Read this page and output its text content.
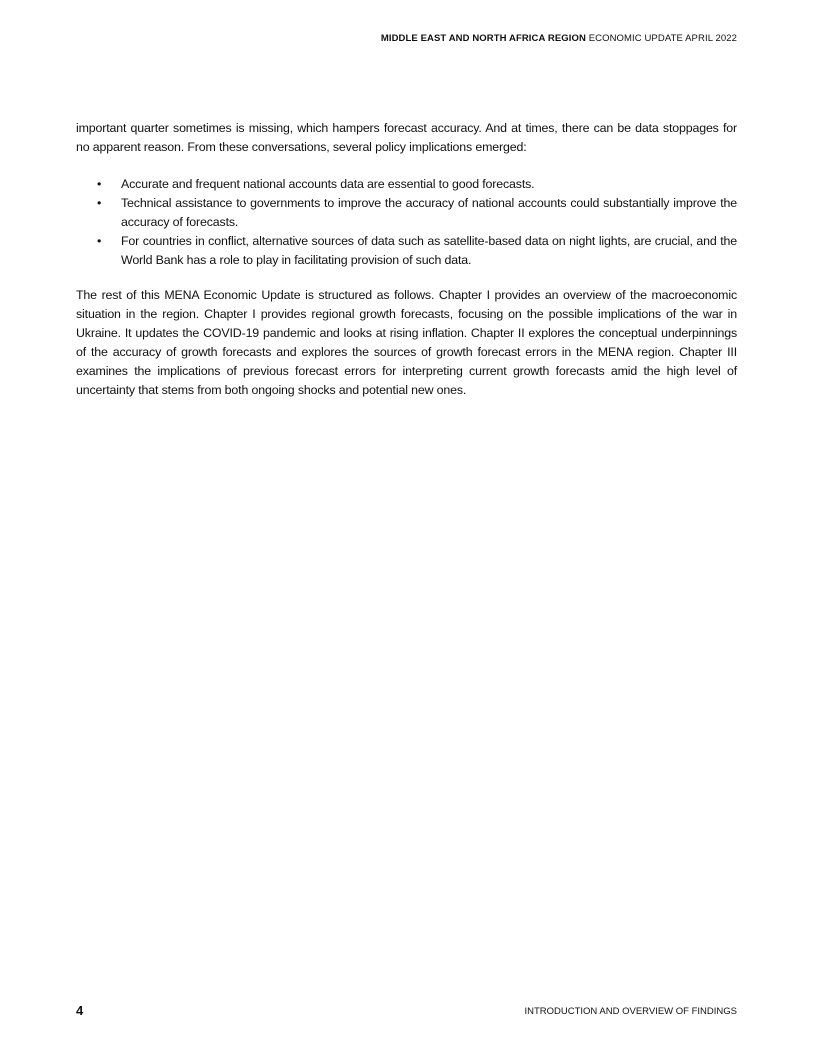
MIDDLE EAST AND NORTH AFRICA REGION ECONOMIC UPDATE APRIL 2022

important quarter sometimes is missing, which hampers forecast accuracy. And at times, there can be data stoppages for no apparent reason. From these conversations, several policy implications emerged:

• Accurate and frequent national accounts data are essential to good forecasts.
• Technical assistance to governments to improve the accuracy of national accounts could substantially improve the accuracy of forecasts.
• For countries in conflict, alternative sources of data such as satellite-based data on night lights, are crucial, and the World Bank has a role to play in facilitating provision of such data.

The rest of this MENA Economic Update is structured as follows. Chapter I provides an overview of the macroeconomic situation in the region. Chapter I provides regional growth forecasts, focusing on the possible implications of the war in Ukraine. It updates the COVID-19 pandemic and looks at rising inflation. Chapter II explores the conceptual underpinnings of the accuracy of growth forecasts and explores the sources of growth forecast errors in the MENA region. Chapter III examines the implications of previous forecast errors for interpreting current growth forecasts amid the high level of uncertainty that stems from both ongoing shocks and potential new ones.

4	INTRODUCTION AND OVERVIEW OF FINDINGS
